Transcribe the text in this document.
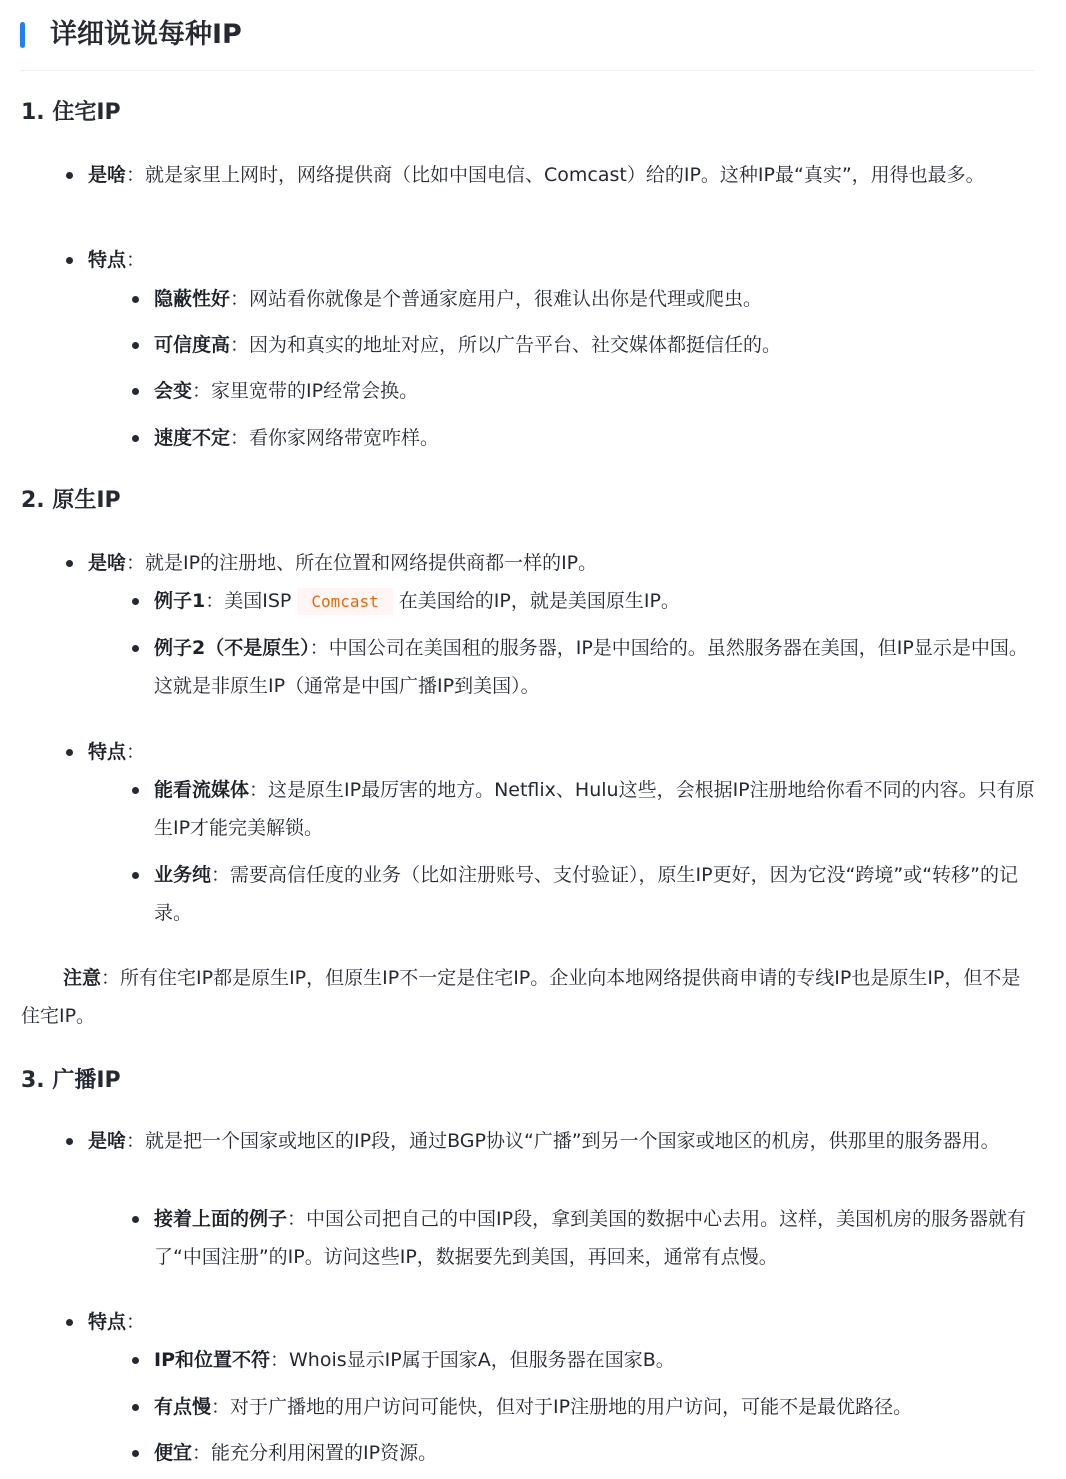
详细说说每种IP
1. 住宅IP
是啥：就是家里上网时，网络提供商（比如中国电信、Comcast）给的IP。这种IP最“真实”，用得也最多。
特点：
隐蔽性好：网站看你就像是个普通家庭用户，很难认出你是代理或爬虫。
可信度高：因为和真实的地址对应，所以广告平台、社交媒体都挺信任的。
会变：家里宽带的IP经常会换。
速度不定：看你家网络带宽咋样。
2. 原生IP
是啥：就是IP的注册地、所在位置和网络提供商都一样的IP。
例子1：美国ISP Comcast 在美国给的IP，就是美国原生IP。
例子2（不是原生）：中国公司在美国租的服务器，IP是中国给的。虽然服务器在美国，但IP显示是中国。这就是非原生IP（通常是中国广播IP到美国）。
特点：
能看流媒体：这是原生IP最厉害的地方。Netflix、Hulu这些，会根据IP注册地给你看不同的内容。只有原生IP才能完美解锁。
业务纯：需要高信任度的业务（比如注册账号、支付验证），原生IP更好，因为它没“跨境”或“转移”的记录。
注意：所有住宅IP都是原生IP，但原生IP不一定是住宅IP。企业向本地网络提供商申请的专线IP也是原生IP，但不是住宅IP。
3. 广播IP
是啥：就是把一个国家或地区的IP段，通过BGP协议“广播”到另一个国家或地区的机房，供那里的服务器用。
接着上面的例子：中国公司把自己的中国IP段，拿到美国的数据中心去用。这样，美国机房的服务器就有了“中国注册”的IP。访问这些IP，数据要先到美国，再回来，通常有点慢。
特点：
IP和位置不符：Whois显示IP属于国家A，但服务器在国家B。
有点慢：对于广播地的用户访问可能快，但对于IP注册地的用户访问，可能不是最优路径。
便宜：能充分利用闲置的IP资源。
